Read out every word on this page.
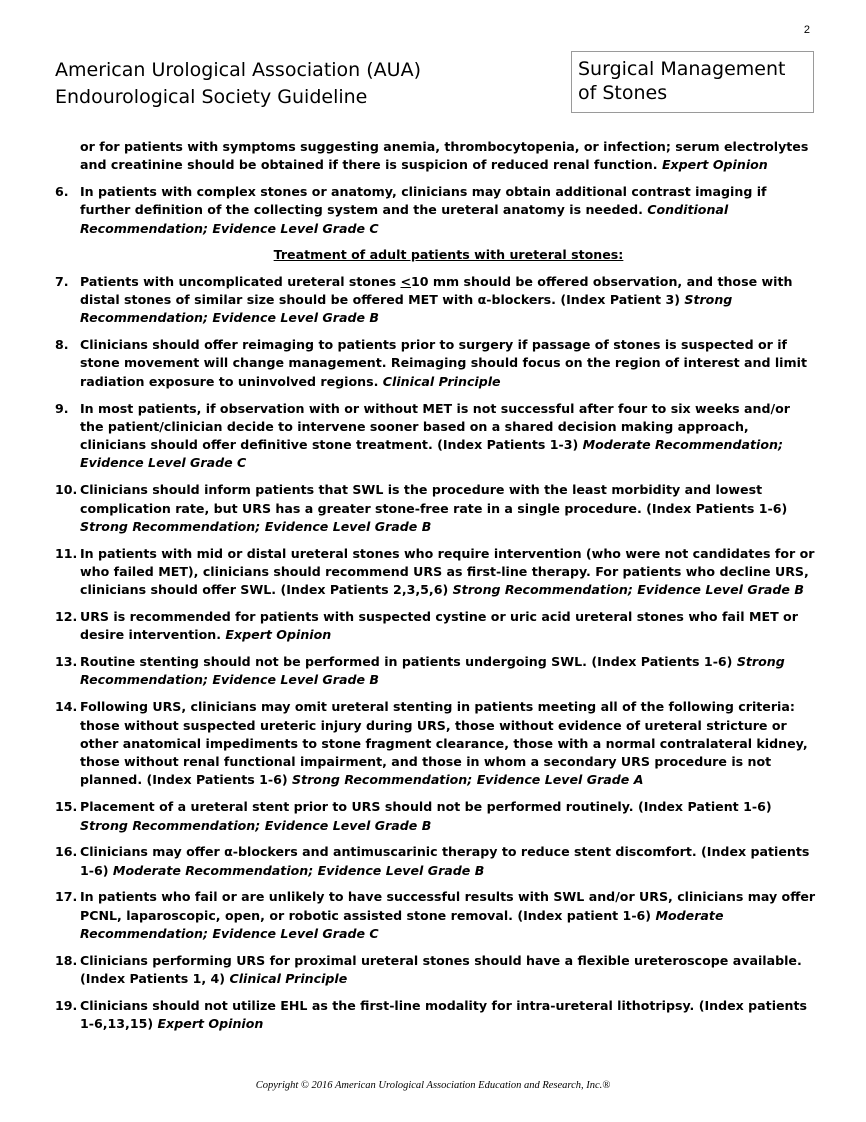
2
American Urological Association (AUA)
Endourological Society Guideline
Surgical Management
of Stones
or for patients with symptoms suggesting anemia, thrombocytopenia, or infection; serum electrolytes and creatinine should be obtained if there is suspicion of reduced renal function. Expert Opinion
6. In patients with complex stones or anatomy, clinicians may obtain additional contrast imaging if further definition of the collecting system and the ureteral anatomy is needed. Conditional Recommendation; Evidence Level Grade C
Treatment of adult patients with ureteral stones:
7. Patients with uncomplicated ureteral stones ≤10 mm should be offered observation, and those with distal stones of similar size should be offered MET with α-blockers. (Index Patient 3) Strong Recommendation; Evidence Level Grade B
8. Clinicians should offer reimaging to patients prior to surgery if passage of stones is suspected or if stone movement will change management. Reimaging should focus on the region of interest and limit radiation exposure to uninvolved regions. Clinical Principle
9. In most patients, if observation with or without MET is not successful after four to six weeks and/or the patient/clinician decide to intervene sooner based on a shared decision making approach, clinicians should offer definitive stone treatment. (Index Patients 1-3) Moderate Recommendation; Evidence Level Grade C
10. Clinicians should inform patients that SWL is the procedure with the least morbidity and lowest complication rate, but URS has a greater stone-free rate in a single procedure. (Index Patients 1-6) Strong Recommendation; Evidence Level Grade B
11. In patients with mid or distal ureteral stones who require intervention (who were not candidates for or who failed MET), clinicians should recommend URS as first-line therapy. For patients who decline URS, clinicians should offer SWL. (Index Patients 2,3,5,6) Strong Recommendation; Evidence Level Grade B
12. URS is recommended for patients with suspected cystine or uric acid ureteral stones who fail MET or desire intervention. Expert Opinion
13. Routine stenting should not be performed in patients undergoing SWL. (Index Patients 1-6) Strong Recommendation; Evidence Level Grade B
14. Following URS, clinicians may omit ureteral stenting in patients meeting all of the following criteria: those without suspected ureteric injury during URS, those without evidence of ureteral stricture or other anatomical impediments to stone fragment clearance, those with a normal contralateral kidney, those without renal functional impairment, and those in whom a secondary URS procedure is not planned. (Index Patients 1-6) Strong Recommendation; Evidence Level Grade A
15. Placement of a ureteral stent prior to URS should not be performed routinely. (Index Patient 1-6) Strong Recommendation; Evidence Level Grade B
16. Clinicians may offer α-blockers and antimuscarinic therapy to reduce stent discomfort. (Index patients 1-6) Moderate Recommendation; Evidence Level Grade B
17. In patients who fail or are unlikely to have successful results with SWL and/or URS, clinicians may offer PCNL, laparoscopic, open, or robotic assisted stone removal. (Index patient 1-6) Moderate Recommendation; Evidence Level Grade C
18. Clinicians performing URS for proximal ureteral stones should have a flexible ureteroscope available. (Index Patients 1, 4) Clinical Principle
19. Clinicians should not utilize EHL as the first-line modality for intra-ureteral lithotripsy. (Index patients 1-6,13,15) Expert Opinion
Copyright © 2016 American Urological Association Education and Research, Inc.®
